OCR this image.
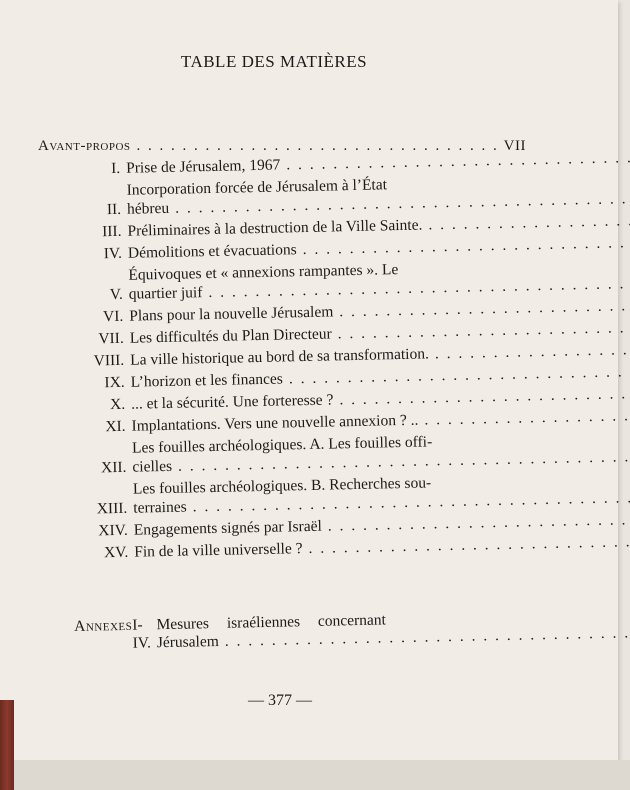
TABLE DES MATIÈRES
Avant-propos
. . .	VII
I. Prise de Jérusalem, 1967
. . .
II.
Incorporation forcée de Jérusalem à l’État
hébreu
. . .
III. Préliminaires à la destruction de la Ville Sainte.
. . .
IV. Démolitions et évacuations
. . .
V.
Équivoques et « annexions rampantes ». Le
quartier juif
. . .
VI. Plans pour la nouvelle Jérusalem
. . .
VII. Les difficultés du Plan Directeur
. . .
VIII. La ville historique au bord de sa transformation.
. . .
IX. L’horizon et les finances
. . .
X. ... et la sécurité. Une forteresse ?
. . .
XI. Implantations. Vers une nouvelle annexion ? ..
. . .
XII.
Les fouilles archéologiques. A. Les fouilles offi-
cielles
. . .
XIII.
Les fouilles archéologiques. B. Recherches sou-
terraines
. . .
XIV. Engagements signés par Israël
. . .
XV. Fin de la ville universelle ?
. . .
Annexes I-IV.
Mesures israéliennes concernant
Jérusalem
. . .
— 377 —
